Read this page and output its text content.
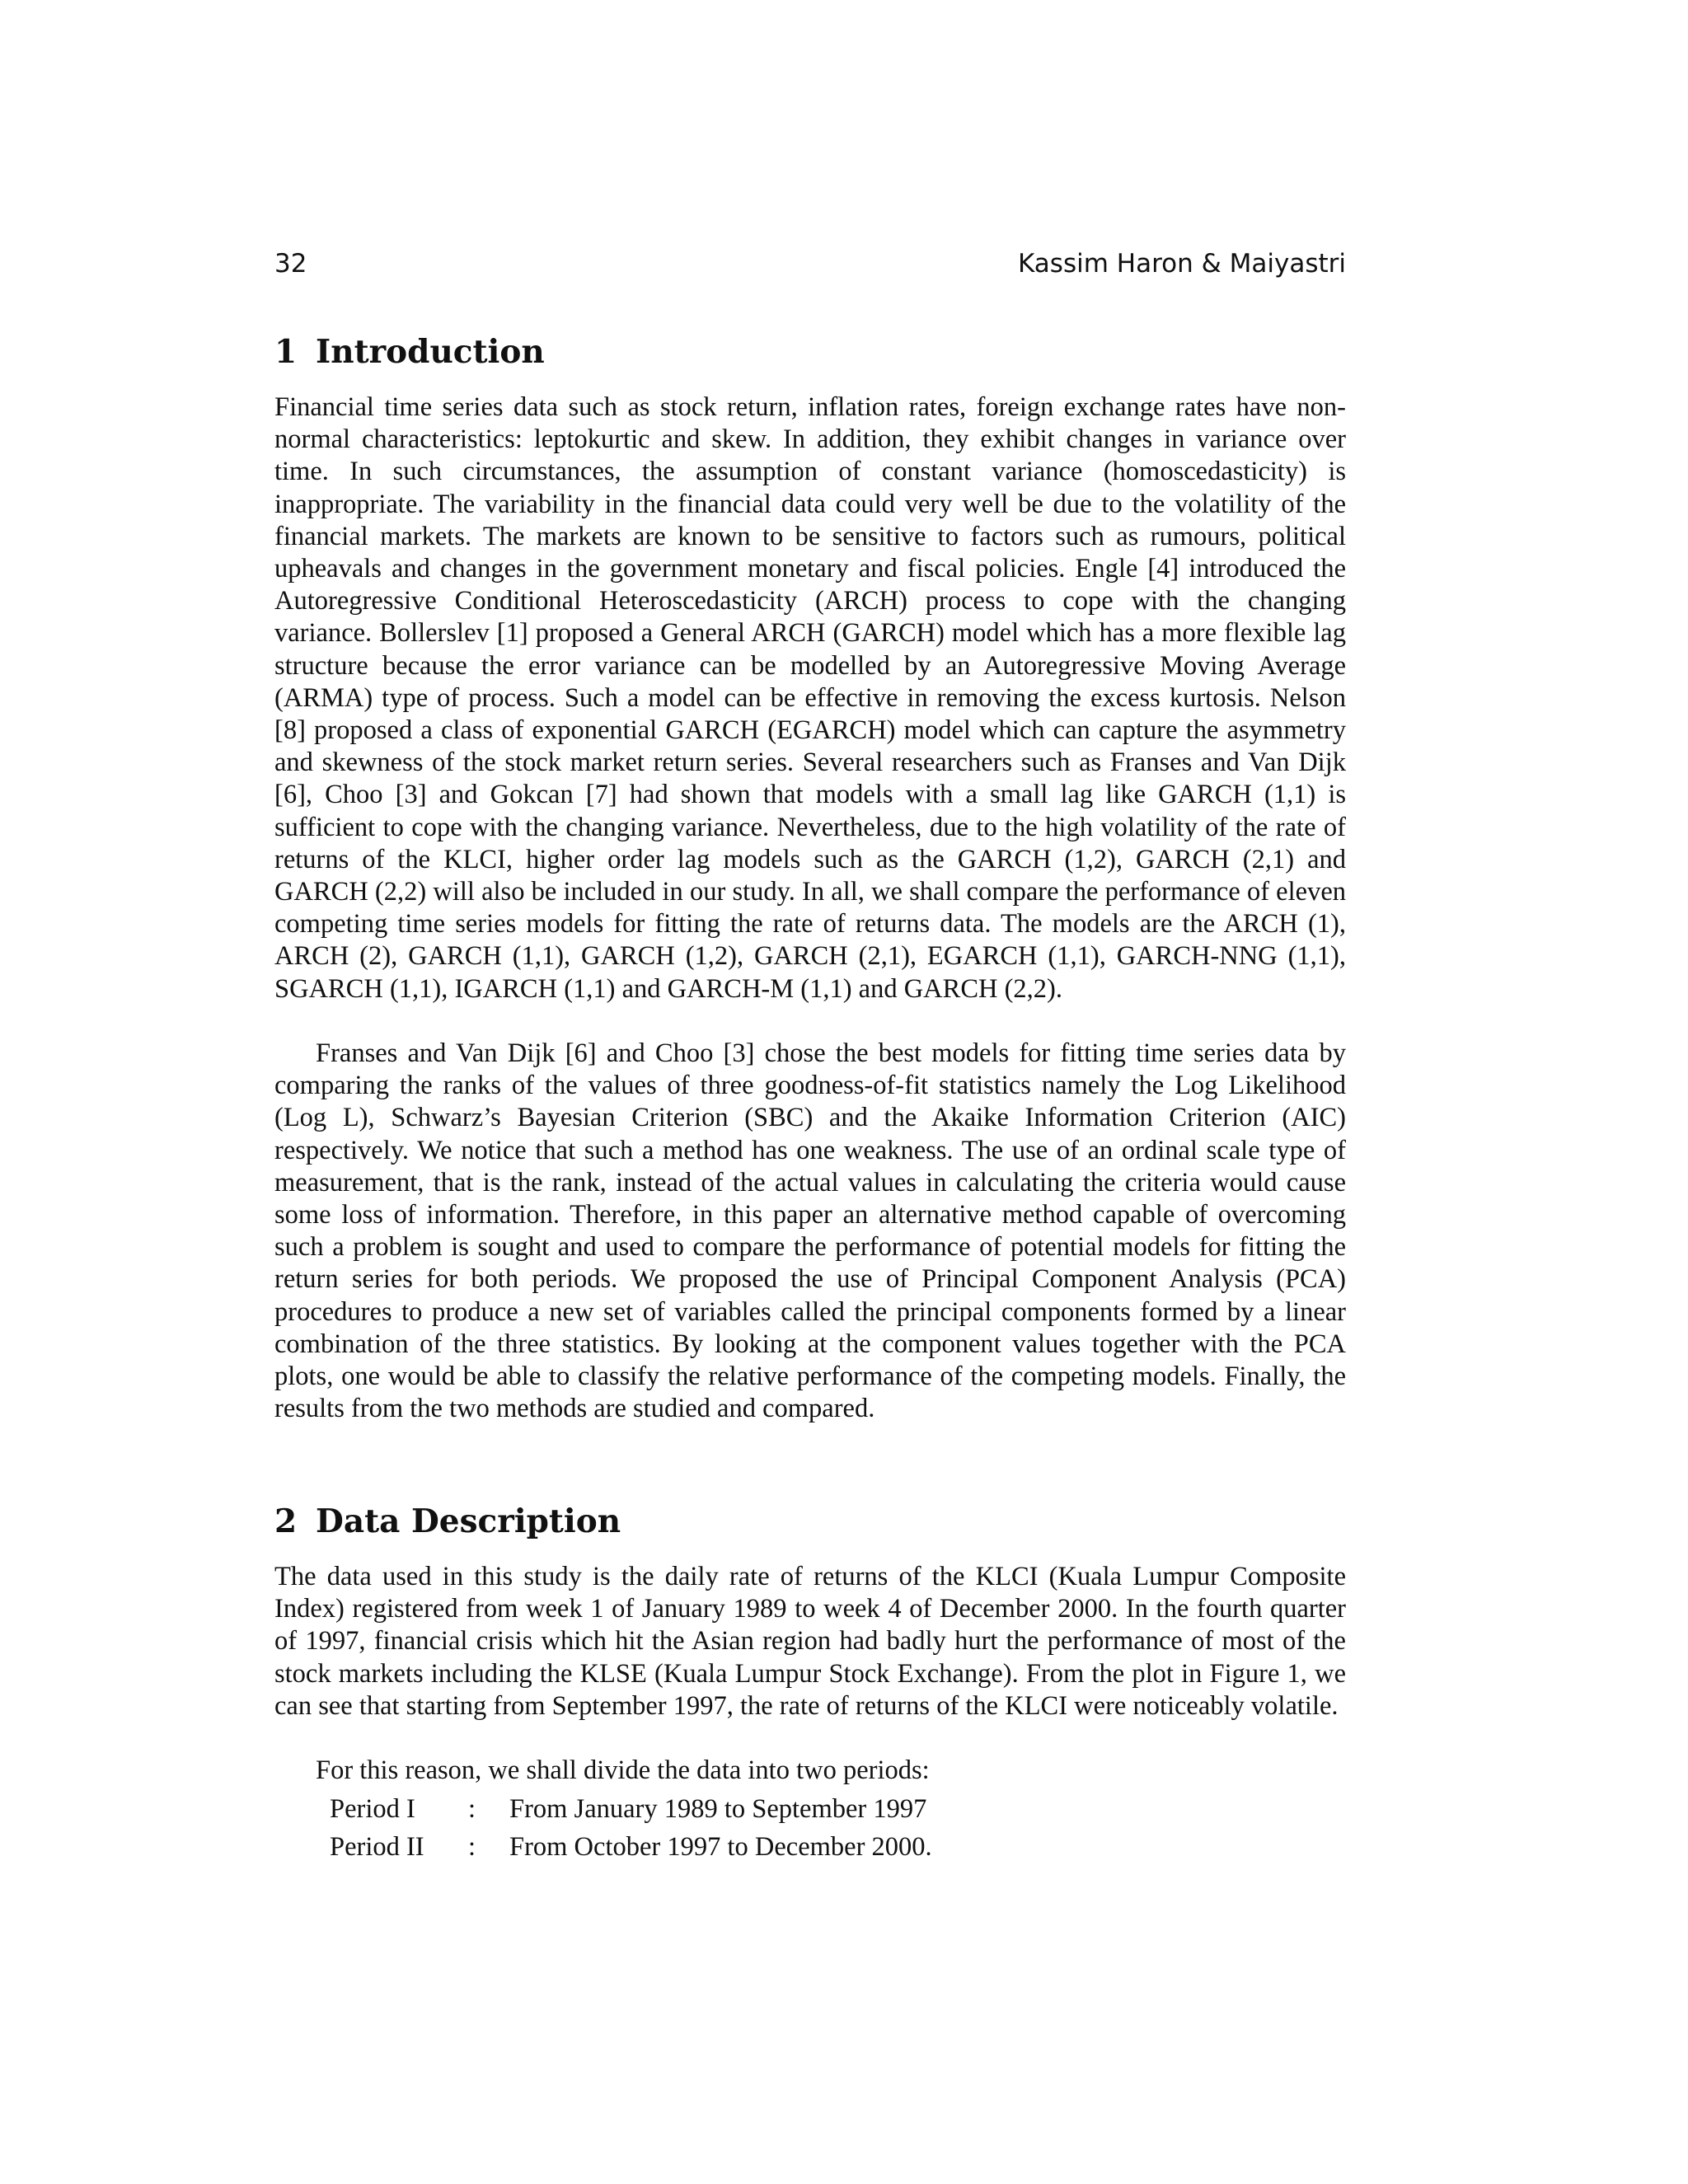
32	Kassim Haron & Maiyastri
1 Introduction

Financial time series data such as stock return, inflation rates, foreign exchange rates have non-normal characteristics: leptokurtic and skew. In addition, they exhibit changes in variance over time. In such circumstances, the assumption of constant variance (homoscedasticity) is inappropriate. The variability in the financial data could very well be due to the volatility of the financial markets. The markets are known to be sensitive to factors such as rumours, political upheavals and changes in the government monetary and fiscal policies. Engle [4] introduced the Autoregressive Conditional Heteroscedasticity (ARCH) process to cope with the changing variance. Bollerslev [1] proposed a General ARCH (GARCH) model which has a more flexible lag structure because the error variance can be modelled by an Autoregressive Moving Average (ARMA) type of process. Such a model can be effective in removing the excess kurtosis. Nelson [8] proposed a class of exponential GARCH (EGARCH) model which can capture the asymmetry and skewness of the stock market return series. Several researchers such as Franses and Van Dijk [6], Choo [3] and Gokcan [7] had shown that models with a small lag like GARCH (1,1) is sufficient to cope with the changing variance. Nevertheless, due to the high volatility of the rate of returns of the KLCI, higher order lag models such as the GARCH (1,2), GARCH (2,1) and GARCH (2,2) will also be included in our study. In all, we shall compare the performance of eleven competing time series models for fitting the rate of returns data. The models are the ARCH (1), ARCH (2), GARCH (1,1), GARCH (1,2), GARCH (2,1), EGARCH (1,1), GARCH-NNG (1,1), SGARCH (1,1), IGARCH (1,1) and GARCH-M (1,1) and GARCH (2,2).

Franses and Van Dijk [6] and Choo [3] chose the best models for fitting time series data by comparing the ranks of the values of three goodness-of-fit statistics namely the Log Likelihood (Log L), Schwarz’s Bayesian Criterion (SBC) and the Akaike Information Criterion (AIC) respectively. We notice that such a method has one weakness. The use of an ordinal scale type of measurement, that is the rank, instead of the actual values in calculating the criteria would cause some loss of information. Therefore, in this paper an alternative method capable of overcoming such a problem is sought and used to compare the performance of potential models for fitting the return series for both periods. We proposed the use of Principal Component Analysis (PCA) procedures to produce a new set of variables called the principal components formed by a linear combination of the three statistics. By looking at the component values together with the PCA plots, one would be able to classify the relative performance of the competing models. Finally, the results from the two methods are studied and compared.

2 Data Description

The data used in this study is the daily rate of returns of the KLCI (Kuala Lumpur Composite Index) registered from week 1 of January 1989 to week 4 of December 2000. In the fourth quarter of 1997, financial crisis which hit the Asian region had badly hurt the performance of most of the stock markets including the KLSE (Kuala Lumpur Stock Exchange). From the plot in Figure 1, we can see that starting from September 1997, the rate of returns of the KLCI were noticeably volatile.

For this reason, we shall divide the data into two periods:

Period I	:	From January 1989 to September 1997
Period II	:	From October 1997 to December 2000.
